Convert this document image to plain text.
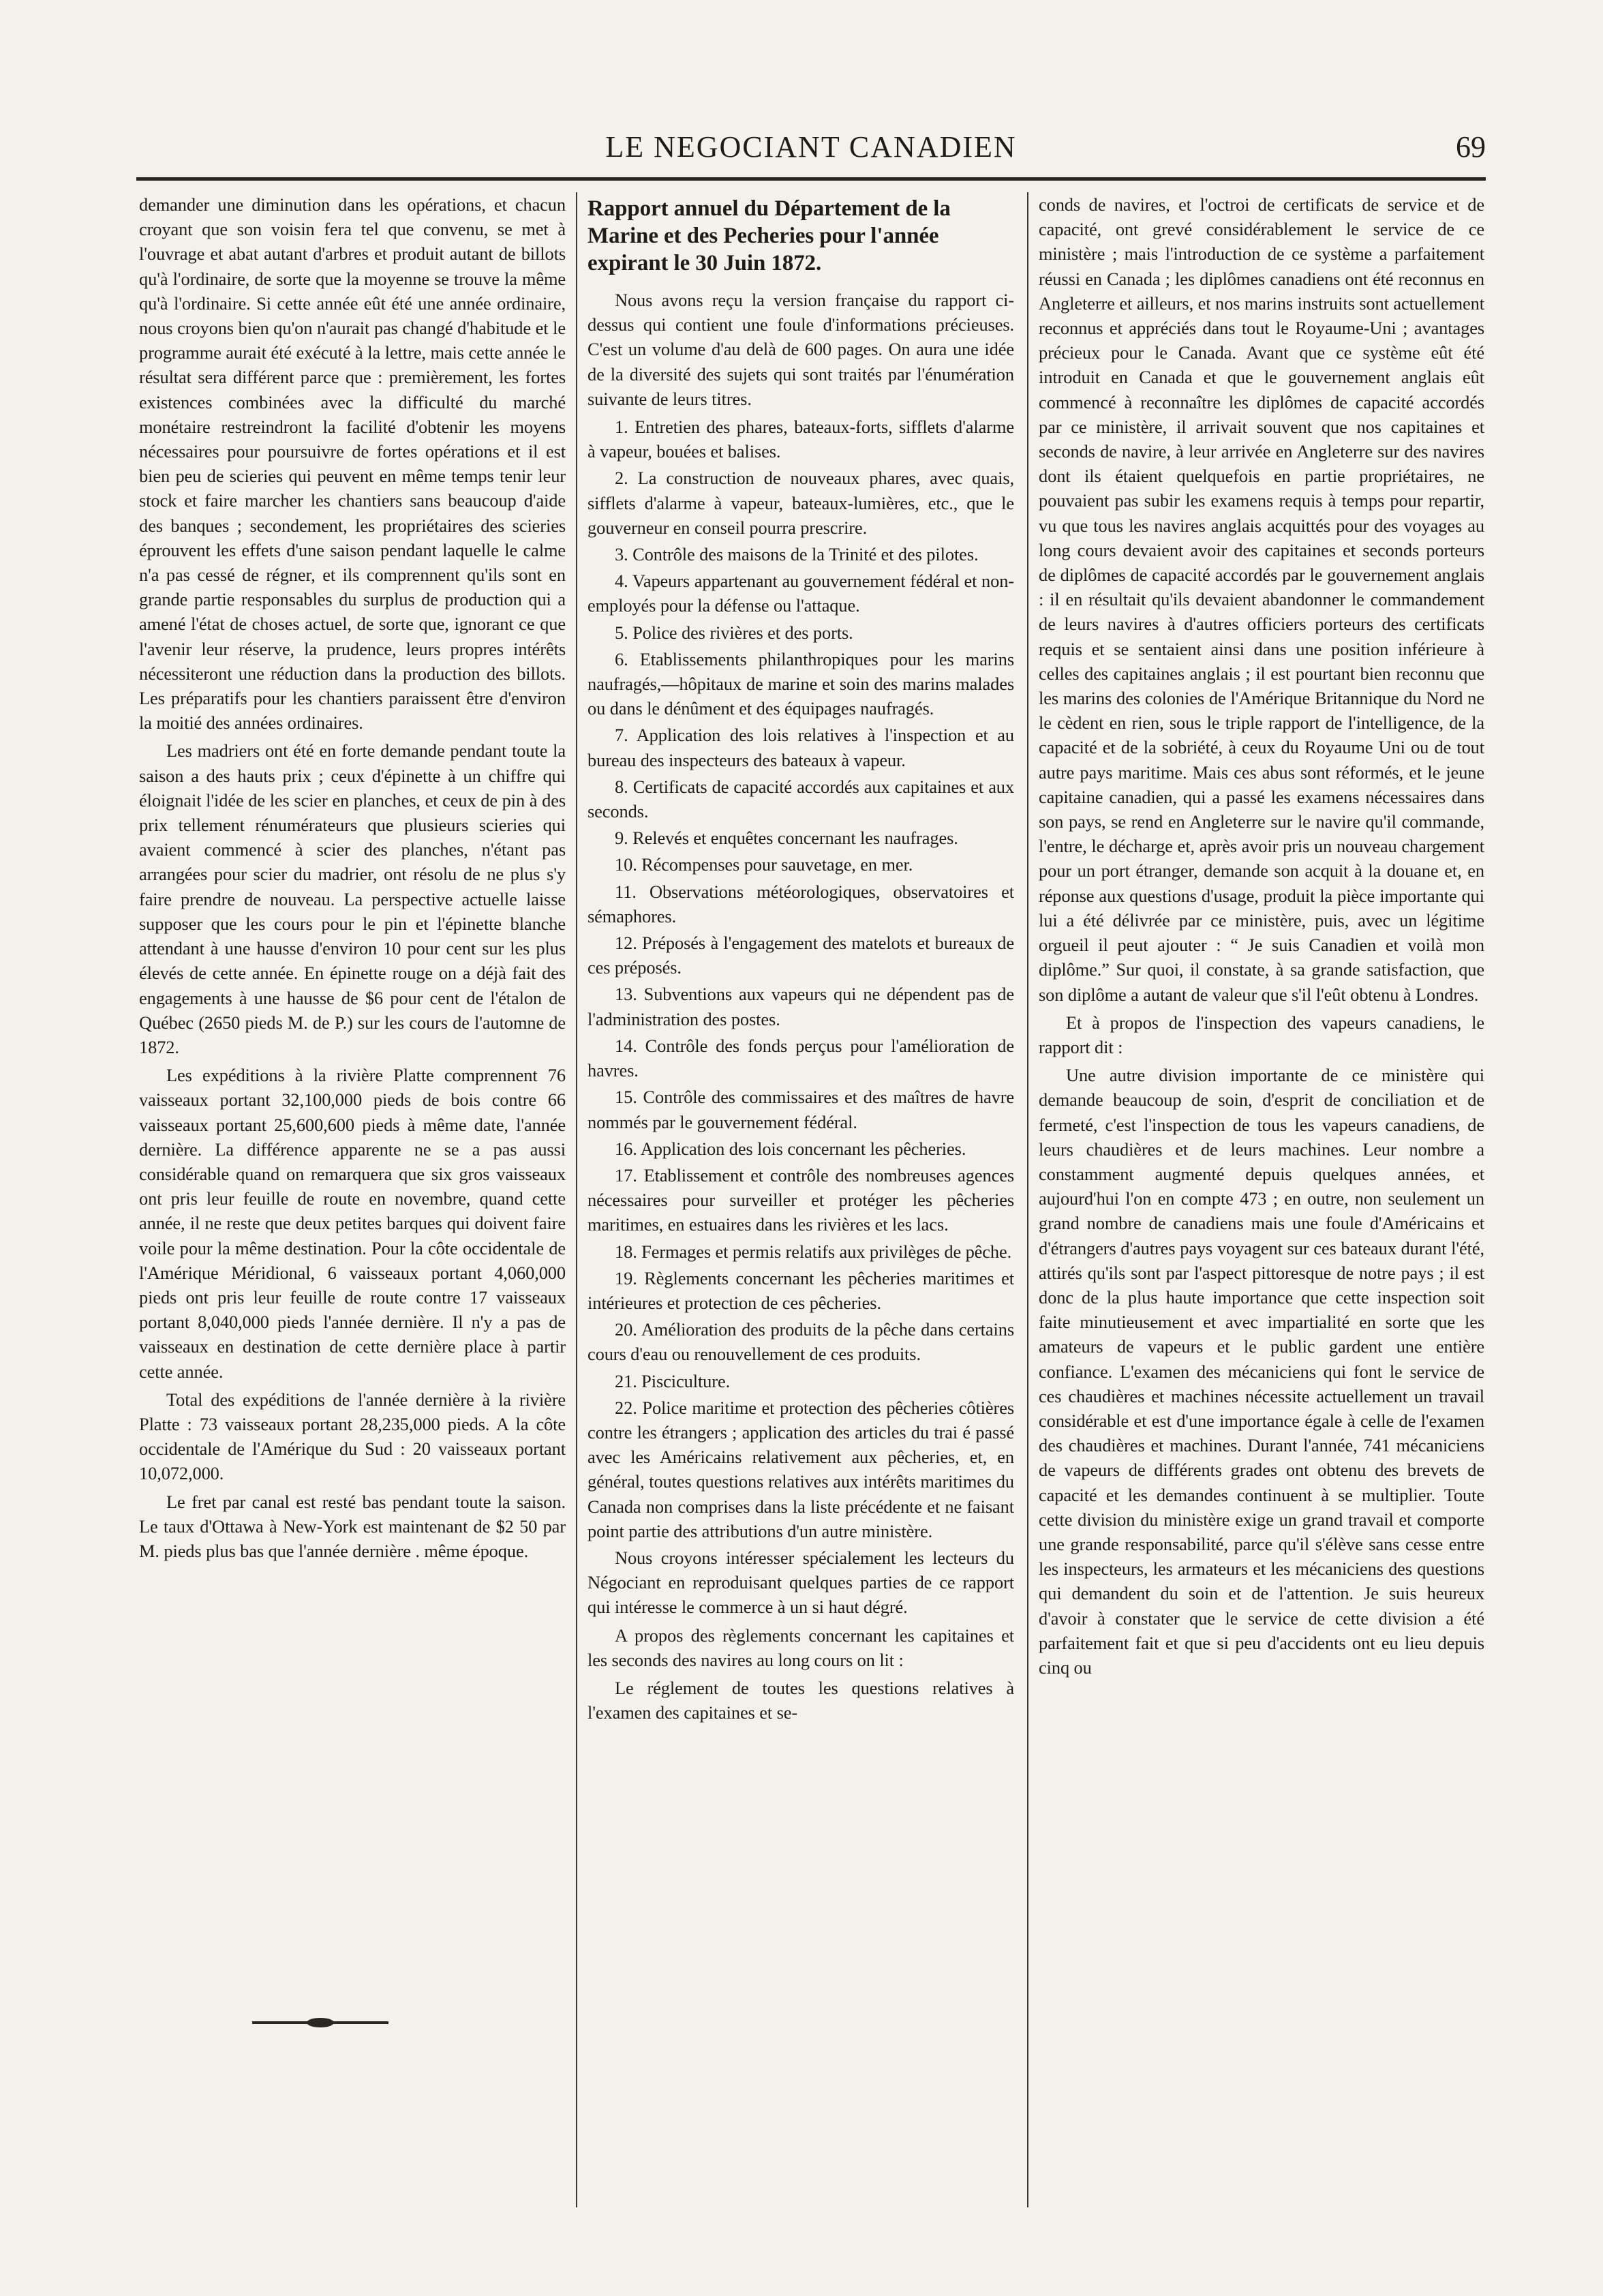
LE NEGOCIANT CANADIEN	69

demander une diminution dans les opérations, et chacun croyant que son voisin fera tel que convenu, se met à l'ouvrage et abat autant d'arbres et produit autant de billots qu'à l'ordinaire, de sorte que la moyenne se trouve la même qu'à l'ordinaire. Si cette année eût été une année ordinaire, nous croyons bien qu'on n'aurait pas changé d'habitude et le programme aurait été exécuté à la lettre, mais cette année le résultat sera différent parce que : premièrement, les fortes existences combinées avec la difficulté du marché monétaire restreindront la facilité d'obtenir les moyens nécessaires pour poursuivre de fortes opérations et il est bien peu de scieries qui peuvent en même temps tenir leur stock et faire marcher les chantiers sans beaucoup d'aide des banques ; secondement, les propriétaires des scieries éprouvent les effets d'une saison pendant laquelle le calme n'a pas cessé de régner, et ils comprennent qu'ils sont en grande partie responsables du surplus de production qui a amené l'état de choses actuel, de sorte que, ignorant ce que l'avenir leur réserve, la prudence, leurs propres intérêts nécessiteront une réduction dans la production des billots. Les préparatifs pour les chantiers paraissent être d'environ la moitié des années ordinaires.

Les madriers ont été en forte demande pendant toute la saison a des hauts prix ; ceux d'épinette à un chiffre qui éloignait l'idée de les scier en planches, et ceux de pin à des prix tellement rénumérateurs que plusieurs scieries qui avaient commencé à scier des planches, n'étant pas arrangées pour scier du madrier, ont résolu de ne plus s'y faire prendre de nouveau. La perspective actuelle laisse supposer que les cours pour le pin et l'épinette blanche attendant à une hausse d'environ 10 pour cent sur les plus élevés de cette année. En épinette rouge on a déjà fait des engagements à une hausse de $6 pour cent de l'étalon de Québec (2650 pieds M. de P.) sur les cours de l'automne de 1872.

Les expéditions à la rivière Platte comprennent 76 vaisseaux portant 32,100,000 pieds de bois contre 66 vaisseaux portant 25,600,600 pieds à même date, l'année dernière. La différence apparente ne se a pas aussi considérable quand on remarquera que six gros vaisseaux ont pris leur feuille de route en novembre, quand cette année, il ne reste que deux petites barques qui doivent faire voile pour la même destination. Pour la côte occidentale de l'Amérique Méridional, 6 vaisseaux portant 4,060,000 pieds ont pris leur feuille de route contre 17 vaisseaux portant 8,040,000 pieds l'année dernière. Il n'y a pas de vaisseaux en destination de cette dernière place à partir cette année.

Total des expéditions de l'année dernière à la rivière Platte : 73 vaisseaux portant 28,235,000 pieds. A la côte occidentale de l'Amérique du Sud : 20 vaisseaux portant 10,072,000.

Le fret par canal est resté bas pendant toute la saison. Le taux d'Ottawa à New-York est maintenant de $2 50 par M. pieds plus bas que l'année dernière . même époque.

Rapport annuel du Département de la Marine et des Pecheries pour l'année expirant le 30 Juin 1872.

Nous avons reçu la version française du rapport ci-dessus qui contient une foule d'informations précieuses. C'est un volume d'au delà de 600 pages. On aura une idée de la diversité des sujets qui sont traités par l'énumération suivante de leurs titres.

1. Entretien des phares, bateaux-forts, sifflets d'alarme à vapeur, bouées et balises.
2. La construction de nouveaux phares, avec quais, sifflets d'alarme à vapeur, bateaux-lumières, etc., que le gouverneur en conseil pourra prescrire.
3. Contrôle des maisons de la Trinité et des pilotes.
4. Vapeurs appartenant au gouvernement fédéral et non-employés pour la défense ou l'attaque.
5. Police des rivières et des ports.
6. Etablissements philanthropiques pour les marins naufragés,—hôpitaux de marine et soin des marins malades ou dans le dénûment et des équipages naufragés.
7. Application des lois relatives à l'inspection et au bureau des inspecteurs des bateaux à vapeur.
8. Certificats de capacité accordés aux capitaines et aux seconds.
9. Relevés et enquêtes concernant les naufrages.
10. Récompenses pour sauvetage, en mer.
11. Observations météorologiques, observatoires et sémaphores.
12. Préposés à l'engagement des matelots et bureaux de ces préposés.
13. Subventions aux vapeurs qui ne dépendent pas de l'administration des postes.
14. Contrôle des fonds perçus pour l'amélioration de havres.
15. Contrôle des commissaires et des maîtres de havre nommés par le gouvernement fédéral.
16. Application des lois concernant les pêcheries.
17. Etablissement et contrôle des nombreuses agences nécessaires pour surveiller et protéger les pêcheries maritimes, en estuaires dans les rivières et les lacs.
18. Fermages et permis relatifs aux privilèges de pêche.
19. Règlements concernant les pêcheries maritimes et intérieures et protection de ces pêcheries.
20. Amélioration des produits de la pêche dans certains cours d'eau ou renouvellement de ces produits.
21. Pisciculture.
22. Police maritime et protection des pêcheries côtières contre les étrangers ; application des articles du trai é passé avec les Américains relativement aux pêcheries, et, en général, toutes questions relatives aux intérêts maritimes du Canada non comprises dans la liste précédente et ne faisant point partie des attributions d'un autre ministère.

Nous croyons intéresser spécialement les lecteurs du Négociant en reproduisant quelques parties de ce rapport qui intéresse le commerce à un si haut dégré.

A propos des règlements concernant les capitaines et les seconds des navires au long cours on lit :

Le réglement de toutes les questions relatives à l'examen des capitaines et se-

conds de navires, et l'octroi de certificats de service et de capacité, ont grevé considérablement le service de ce ministère ; mais l'introduction de ce système a parfaitement réussi en Canada ; les diplômes canadiens ont été reconnus en Angleterre et ailleurs, et nos marins instruits sont actuellement reconnus et appréciés dans tout le Royaume-Uni ; avantages précieux pour le Canada. Avant que ce système eût été introduit en Canada et que le gouvernement anglais eût commencé à reconnaître les diplômes de capacité accordés par ce ministère, il arrivait souvent que nos capitaines et seconds de navire, à leur arrivée en Angleterre sur des navires dont ils étaient quelquefois en partie propriétaires, ne pouvaient pas subir les examens requis à temps pour repartir, vu que tous les navires anglais acquittés pour des voyages au long cours devaient avoir des capitaines et seconds porteurs de diplômes de capacité accordés par le gouvernement anglais : il en résultait qu'ils devaient abandonner le commandement de leurs navires à d'autres officiers porteurs des certificats requis et se sentaient ainsi dans une position inférieure à celles des capitaines anglais ; il est pourtant bien reconnu que les marins des colonies de l'Amérique Britannique du Nord ne le cèdent en rien, sous le triple rapport de l'intelligence, de la capacité et de la sobriété, à ceux du Royaume Uni ou de tout autre pays maritime. Mais ces abus sont réformés, et le jeune capitaine canadien, qui a passé les examens nécessaires dans son pays, se rend en Angleterre sur le navire qu'il commande, l'entre, le décharge et, après avoir pris un nouveau chargement pour un port étranger, demande son acquit à la douane et, en réponse aux questions d'usage, produit la pièce importante qui lui a été délivrée par ce ministère, puis, avec un légitime orgueil il peut ajouter : “ Je suis Canadien et voilà mon diplôme.” Sur quoi, il constate, à sa grande satisfaction, que son diplôme a autant de valeur que s'il l'eût obtenu à Londres.

Et à propos de l'inspection des vapeurs canadiens, le rapport dit :

Une autre division importante de ce ministère qui demande beaucoup de soin, d'esprit de conciliation et de fermeté, c'est l'inspection de tous les vapeurs canadiens, de leurs chaudières et de leurs machines. Leur nombre a constamment augmenté depuis quelques années, et aujourd'hui l'on en compte 473 ; en outre, non seulement un grand nombre de canadiens mais une foule d'Américains et d'étrangers d'autres pays voyagent sur ces bateaux durant l'été, attirés qu'ils sont par l'aspect pittoresque de notre pays ; il est donc de la plus haute importance que cette inspection soit faite minutieusement et avec impartialité en sorte que les amateurs de vapeurs et le public gardent une entière confiance. L'examen des mécaniciens qui font le service de ces chaudières et machines nécessite actuellement un travail considérable et est d'une importance égale à celle de l'examen des chaudières et machines. Durant l'année, 741 mécaniciens de vapeurs de différents grades ont obtenu des brevets de capacité et les demandes continuent à se multiplier. Toute cette division du ministère exige un grand travail et comporte une grande responsabilité, parce qu'il s'élève sans cesse entre les inspecteurs, les armateurs et les mécaniciens des questions qui demandent du soin et de l'attention. Je suis heureux d'avoir à constater que le service de cette division a été parfaitement fait et que si peu d'accidents ont eu lieu depuis cinq ou
